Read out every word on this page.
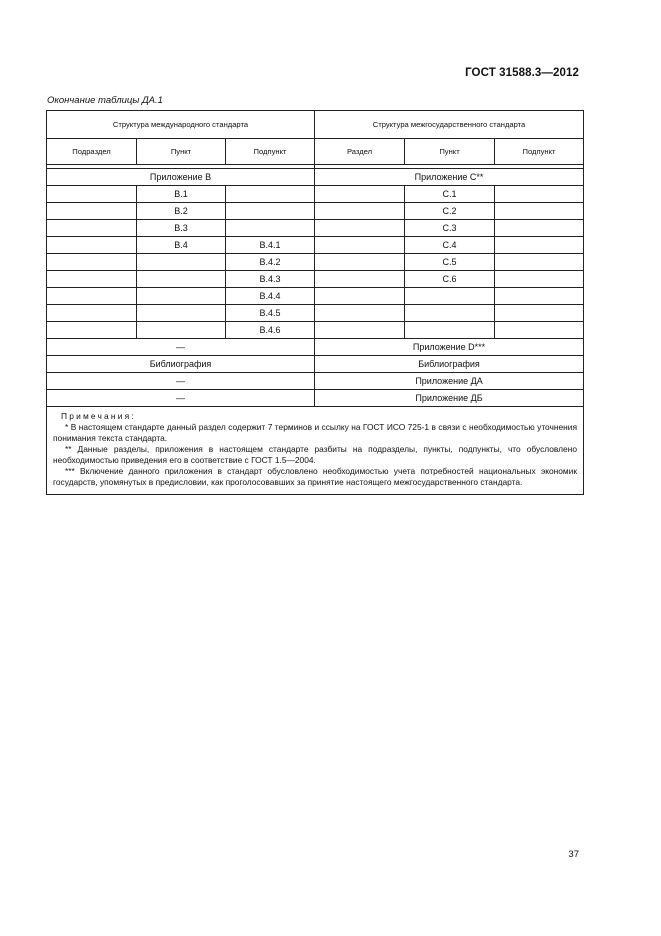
ГОСТ 31588.3—2012
Окончание таблицы ДА.1
Структура международного стандарта			Структура межгосударственного стандарта		
Подраздел	Пункт	Подпункт	Раздел	Пункт	Подпункт

Приложение В			Приложение С**		
	В.1			С.1	
	В.2			С.2	
	В.3			С.3	
	В.4	В.4.1		С.4	
		В.4.2		С.5	
		В.4.3		С.6	
		В.4.4			
		В.4.5			
		В.4.6			
—			Приложение D***		
Библиография			Библиография		
—			Приложение ДА		
—			Приложение ДБ		

Примечания:
* В настоящем стандарте данный раздел содержит 7 терминов и ссылку на ГОСТ ИСО 725-1 в связи с необходимостью уточнения понимания текста стандарта.
** Данные разделы, приложения в настоящем стандарте разбиты на подразделы, пункты, подпункты, что обусловлено необходимостью приведения его в соответствие с ГОСТ 1.5—2004.
*** Включение данного приложения в стандарт обусловлено необходимостью учета потребностей национальных экономик государств, упомянутых в предисловии, как проголосовавших за принятие настоящего межгосударственного стандарта.					
37
